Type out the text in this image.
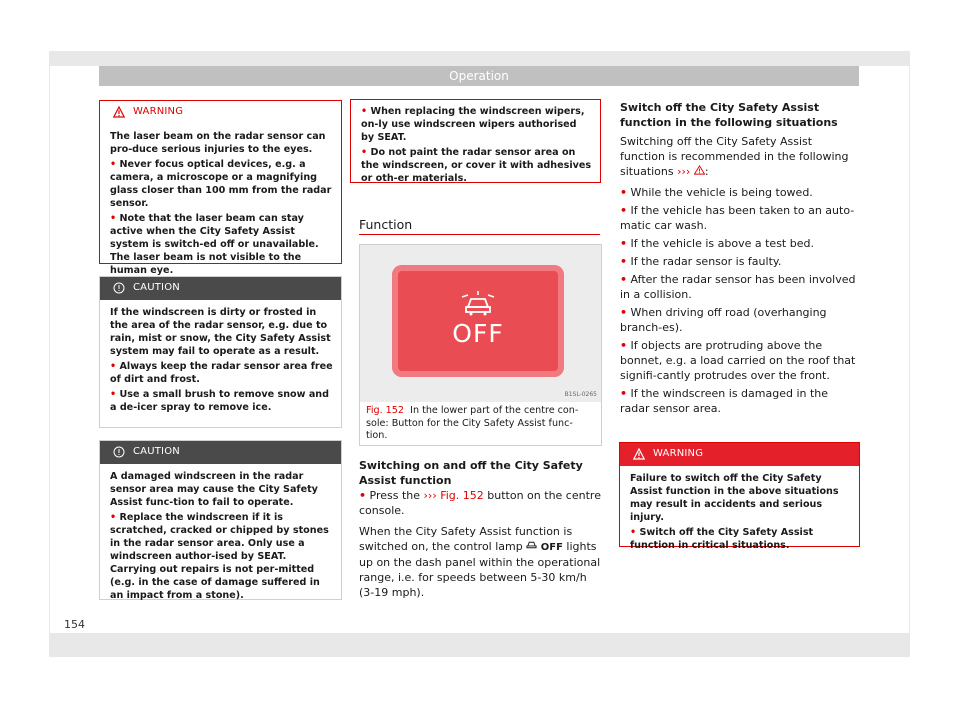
Operation
WARNING

The laser beam on the radar sensor can pro-duce serious injuries to the eyes.

• Never focus optical devices, e.g. a camera, a microscope or a magnifying glass closer than 100 mm from the radar sensor.

• Note that the laser beam can stay active when the City Safety Assist system is switch-ed off or unavailable. The laser beam is not visible to the human eye.

CAUTION

If the windscreen is dirty or frosted in the area of the radar sensor, e.g. due to rain, mist or snow, the City Safety Assist system may fail to operate as a result.

• Always keep the radar sensor area free of dirt and frost.

• Use a small brush to remove snow and a de-icer spray to remove ice.

CAUTION

A damaged windscreen in the radar sensor area may cause the City Safety Assist func-tion to fail to operate.

• Replace the windscreen if it is scratched, cracked or chipped by stones in the radar sensor area. Only use a windscreen author-ised by SEAT. Carrying out repairs is not per-mitted (e.g. in the case of damage suffered in an impact from a stone).

• When replacing the windscreen wipers, on-ly use windscreen wipers authorised by SEAT.

• Do not paint the radar sensor area on the windscreen, or cover it with adhesives or oth-er materials.

Function
OFF
B1SL-0265
Fig. 152 In the lower part of the centre con-sole: Button for the City Safety Assist func-tion.
Switching on and off the City Safety Assist function

• Press the ››› Fig. 152 button on the centre console.

When the City Safety Assist function is switched on, the control lamp OFF lights up on the dash panel within the operational range, i.e. for speeds between 5-30 km/h (3-19 mph).

Switch off the City Safety Assist function in the following situations

Switching off the City Safety Assist function is recommended in the following situations ››› :

• While the vehicle is being towed.

• If the vehicle has been taken to an auto-matic car wash.

• If the vehicle is above a test bed.

• If the radar sensor is faulty.

• After the radar sensor has been involved in a collision.

• When driving off road (overhanging branch-es).

• If objects are protruding above the bonnet, e.g. a load carried on the roof that signifi-cantly protrudes over the front.

• If the windscreen is damaged in the radar sensor area.

WARNING

Failure to switch off the City Safety Assist function in the above situations may result in accidents and serious injury.

• Switch off the City Safety Assist function in critical situations.

154
